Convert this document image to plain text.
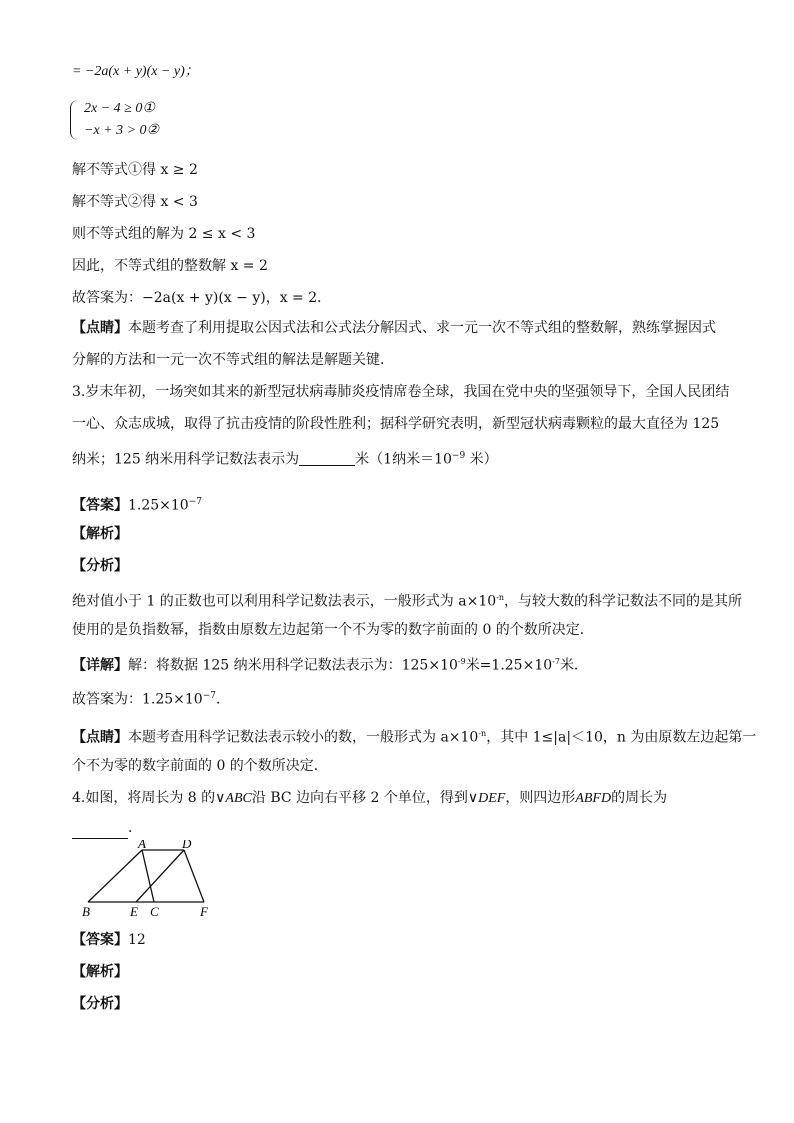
= −2a(x + y)(x − y)；
2x − 4 ≥ 0①
−x + 3 > 0②
解不等式①得 x ≥ 2
解不等式②得 x < 3
则不等式组的解为 2 ≤ x < 3
因此，不等式组的整数解 x = 2
故答案为：−2a(x + y)(x − y)，x = 2．
【点睛】本题考查了利用提取公因式法和公式法分解因式、求一元一次不等式组的整数解，熟练掌握因式
分解的方法和一元一次不等式组的解法是解题关键．
3.岁末年初，一场突如其来的新型冠状病毒肺炎疫情席卷全球，我国在党中央的坚强领导下，全国人民团结
一心、众志成城，取得了抗击疫情的阶段性胜利；据科学研究表明，新型冠状病毒颗粒的最大直径为 125
纳米；125 纳米用科学记数法表示为	米（1纳米$=10^{-9}$ 米）
【答案】$1.25\times 10^{-7}$
【解析】
【分析】
绝对值小于 1 的正数也可以利用科学记数法表示，一般形式为 $a\times 10^{-n}$，与较大数的科学记数法不同的是其所
使用的是负指数幂，指数由原数左边起第一个不为零的数字前面的 0 的个数所决定．
【详解】解：将数据 125 纳米用科学记数法表示为：$125\times 10^{-9}$米$=1.25\times 10^{-7}$米．
故答案为：$1.25\times 10^{-7}$．
【点睛】本题考查用科学记数法表示较小的数，一般形式为 $a\times 10^{-n}$，其中 1≤|a|＜10，n 为由原数左边起第一
个不为零的数字前面的 0 的个数所决定．
4.如图，将周长为 8 的∨ABC沿 BC 边向右平移 2 个单位，得到∨DEF，则四边形ABFD的周长为
．
A	D
B	E C	F
【答案】12
【解析】
【分析】
